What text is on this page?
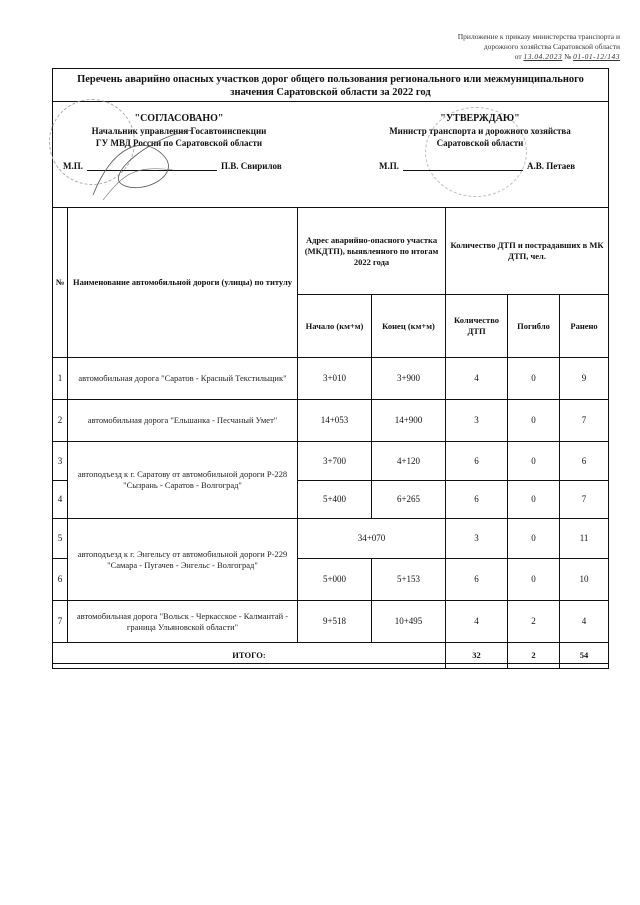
Приложение к приказу министерства транспорта и
дорожного хозяйства Саратовской области
от 13.04.2023 № 01-01-12/143
Перечень аварийно опасных участков дорог общего пользования регионального или межмуниципального значения Саратовской области за 2022 год
"СОГЛАСОВАНО"
Начальник управления Госавтоинспекции
ГУ МВД России по Саратовской области
М.П.	П.В. Свирилов
"УТВЕРЖДАЮ"
Министр транспорта и дорожного хозяйства
Саратовской области
М.П.	А.В. Петаев
№	Наименование автомобильной дороги (улицы) по титулу	Адрес аварийно-опасного участка (МКДТП), выявленного по итогам 2022 года		Количество ДТП и пострадавших в МК ДТП, чел.		
		Начало (км+м)	Конец (км+м)	Количество ДТП	Погибло	Ранено
1	автомобильная дорога "Саратов - Красный Текстильщик"	3+010	3+900	4	0	9
2	автомобильная дорога "Ельшанка - Песчаный Умет"	14+053	14+900	3	0	7
3	автоподъезд к г. Саратову от автомобильной дороги Р-228 "Сызрань - Саратов - Волгоград"	3+700	4+120	6	0	6
4		5+400	6+265	6	0	7
5	автоподъезд к г. Энгельсу от автомобильной дороги Р-229 "Самара - Пугачев - Энгельс - Волгоград"	34+070		3	0	11
6		5+000	5+153	6	0	10
7	автомобильная дорога "Вольск - Черкасское - Калмантай - граница Ульяновской области"	9+518	10+495	4	2	4
ИТОГО:				32	2	54
